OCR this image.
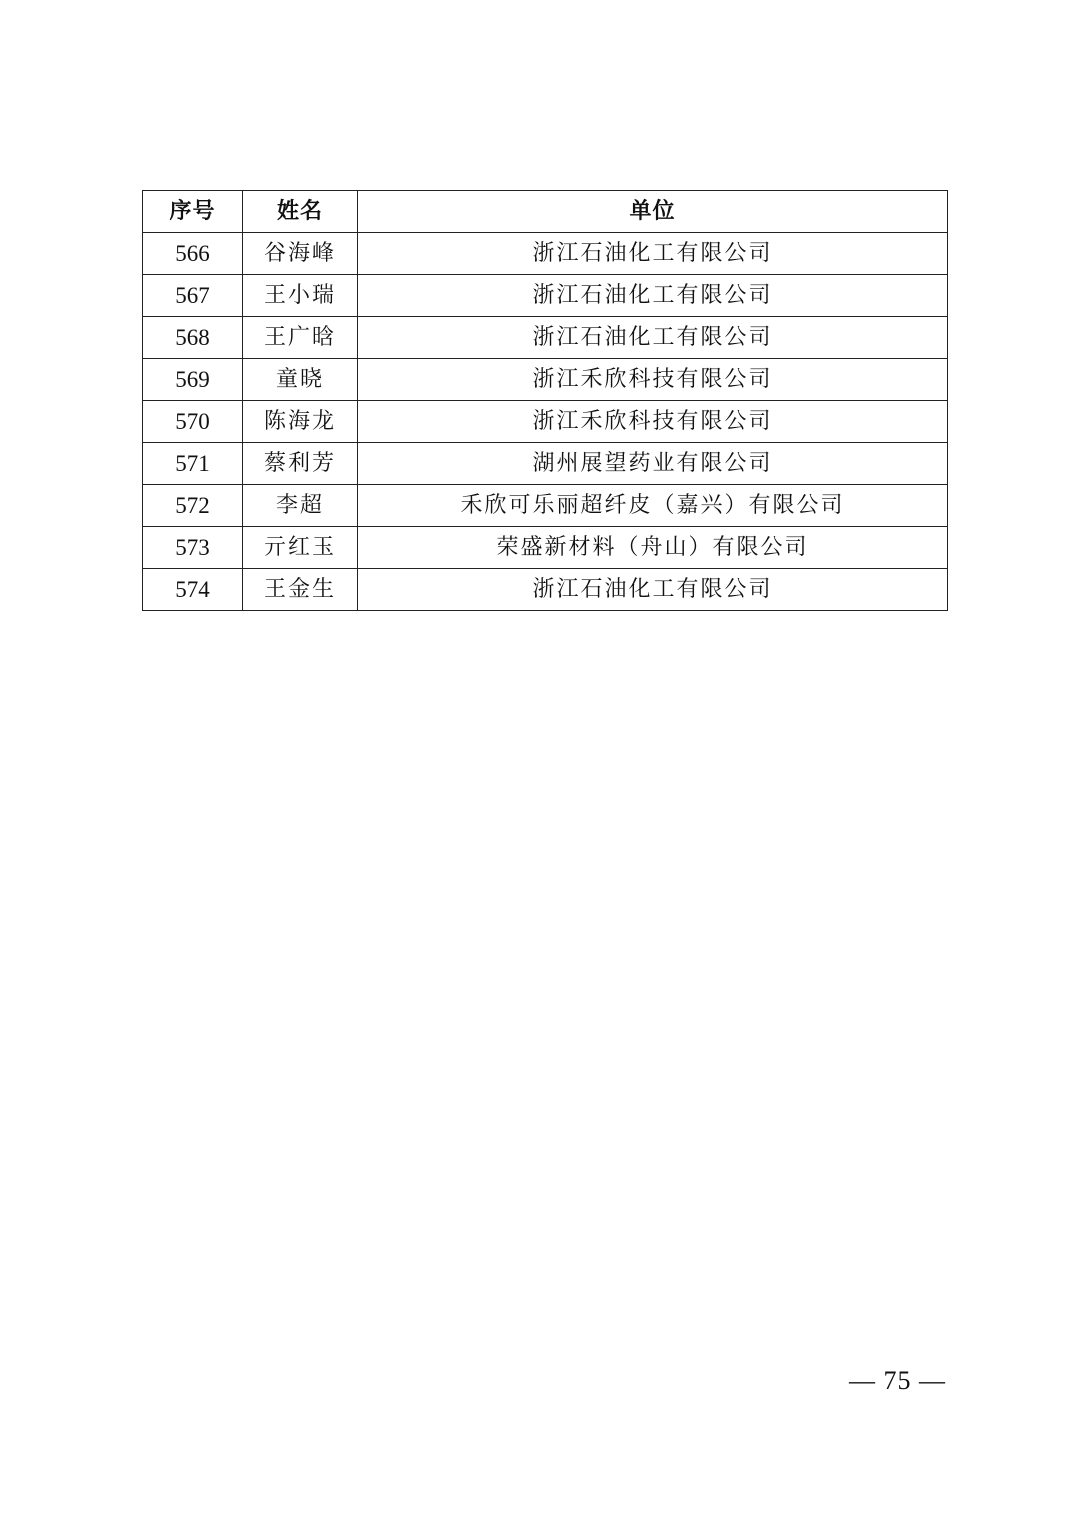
序号	姓名	单位
566	谷海峰	浙江石油化工有限公司
567	王小瑞	浙江石油化工有限公司
568	王广晗	浙江石油化工有限公司
569	童晓	浙江禾欣科技有限公司
570	陈海龙	浙江禾欣科技有限公司
571	蔡利芳	湖州展望药业有限公司
572	李超	禾欣可乐丽超纤皮（嘉兴）有限公司
573	亓红玉	荣盛新材料（舟山）有限公司
574	王金生	浙江石油化工有限公司
— 75 —
